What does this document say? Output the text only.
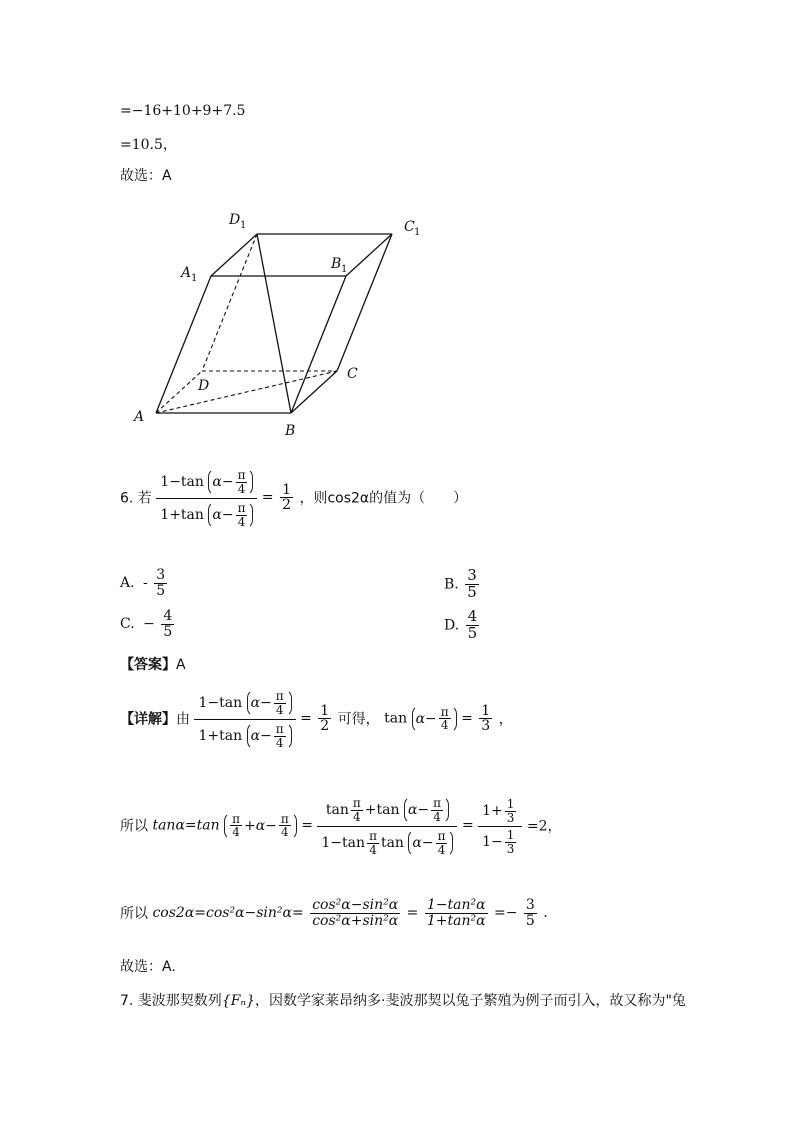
=−16+10+9+7.5
=10.5，
故选：A
D 1	C 1
A 1
B 1
D
C
A
B
6. 若 $\frac{1-\tan \alpha- \frac{\pi}{4}}{1+\tan \alpha- \frac{\pi}{4}} = \frac{1}{2}$ ，则cos2α的值为（　　）
A. - $\frac{3}{5}$	B. $\frac{3}{5}$
C. − $\frac{4}{5}$	D. $\frac{4}{5}$
【答案】A
【详解】由 $\frac{1-\tan \alpha- \frac{\pi}{4}}{1+\tan \alpha- \frac{\pi}{4}} = \frac{1}{2}$ 可得， $\tan \alpha- \frac{\pi}{4} = \frac{1}{3}$ ，
所以 $\tan\alpha=\tan \frac{\pi}{4} +\alpha- \frac{\pi}{4} = \frac{\tan \frac{\pi}{4} +\tan \alpha- \frac{\pi}{4}}{1-\tan \frac{\pi}{4} \tan \alpha- \frac{\pi}{4}} = \frac{1+ \frac{1}{3}}{1- \frac{1}{3}} =2$，
所以 $\cos 2\alpha=\cos^2\alpha-\sin^2\alpha= \frac{\text{cos²α−sin²α}}{\text{cos²α+sin²α}} = \frac{\text{1−tan²α}}{\text{1+tan²α}} =- \frac{3}{5}$ .
故选：A.
7. 斐波那契数列{Fₙ}，因数学家莱昂纳多·斐波那契以兔子繁殖为例子而引入，故又称为"兔
